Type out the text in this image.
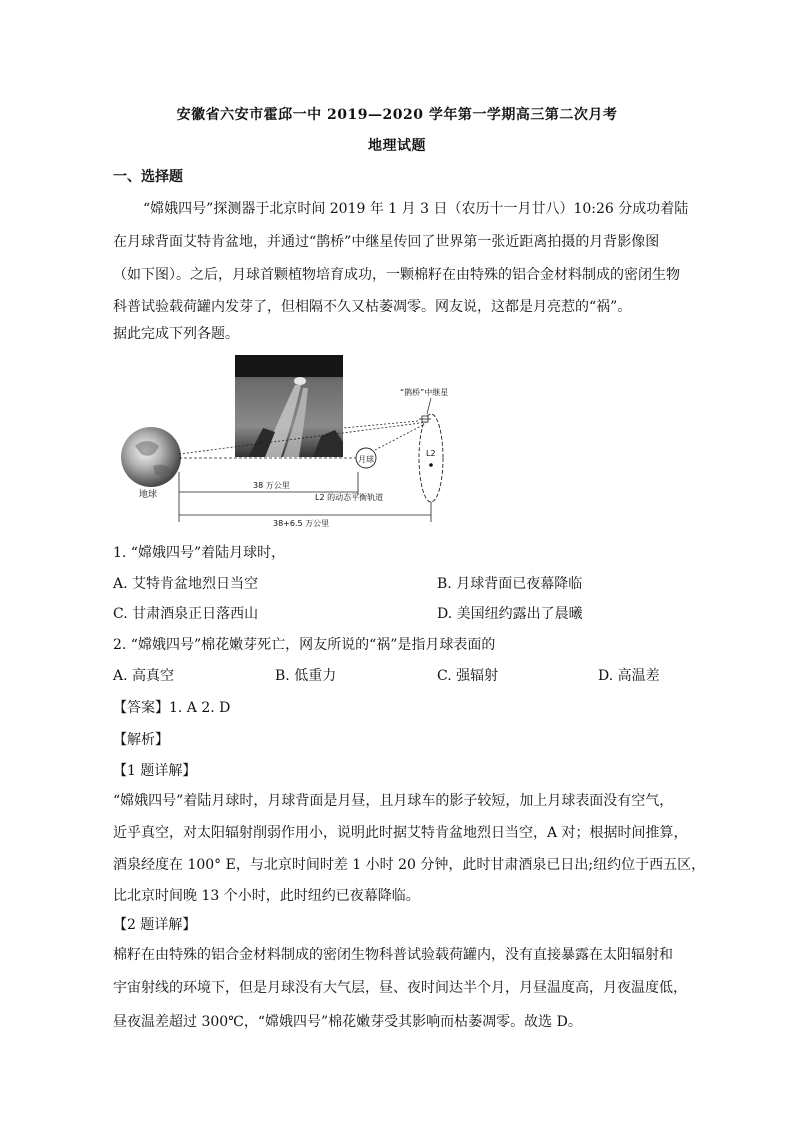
安徽省六安市霍邱一中 2019—2020 学年第一学期高三第二次月考
地理试题
一、选择题
“嫦娥四号”探测器于北京时间 2019 年 1 月 3 日（农历十一月廿八）10:26 分成功着陆
在月球背面艾特肯盆地，并通过“鹊桥”中继星传回了世界第一张近距离拍摄的月背影像图
（如下图）。之后，月球首颗植物培育成功，一颗棉籽在由特殊的铝合金材料制成的密闭生物
科普试验载荷罐内发芽了，但相隔不久又枯萎凋零。网友说，这都是月亮惹的“祸”。
据此完成下列各题。
地球
月球
L2
“鹊桥”中继星
38 万公里
L2 的动态平衡轨道
38+6.5 万公里
1. “嫦娥四号”着陆月球时，
A. 艾特肯盆地烈日当空	B. 月球背面已夜幕降临
C. 甘肃酒泉正日落西山	D. 美国纽约露出了晨曦
2. “嫦娥四号”棉花嫩芽死亡，网友所说的“祸”是指月球表面的
A. 高真空	B. 低重力	C. 强辐射	D. 高温差
【答案】1. A 2. D
【解析】
【1 题详解】
“嫦娥四号”着陆月球时，月球背面是月昼，且月球车的影子较短，加上月球表面没有空气，
近乎真空，对太阳辐射削弱作用小，说明此时据艾特肯盆地烈日当空，A 对；根据时间推算，
酒泉经度在 100° E，与北京时间时差 1 小时 20 分钟，此时甘肃酒泉已日出;纽约位于西五区，
比北京时间晚 13 个小时，此时纽约已夜幕降临。
【2 题详解】
棉籽在由特殊的铝合金材料制成的密闭生物科普试验载荷罐内，没有直接暴露在太阳辐射和
宇宙射线的环境下，但是月球没有大气层，昼、夜时间达半个月，月昼温度高，月夜温度低，
昼夜温差超过 300℃，“嫦娥四号”棉花嫩芽受其影响而枯萎凋零。故选 D。
